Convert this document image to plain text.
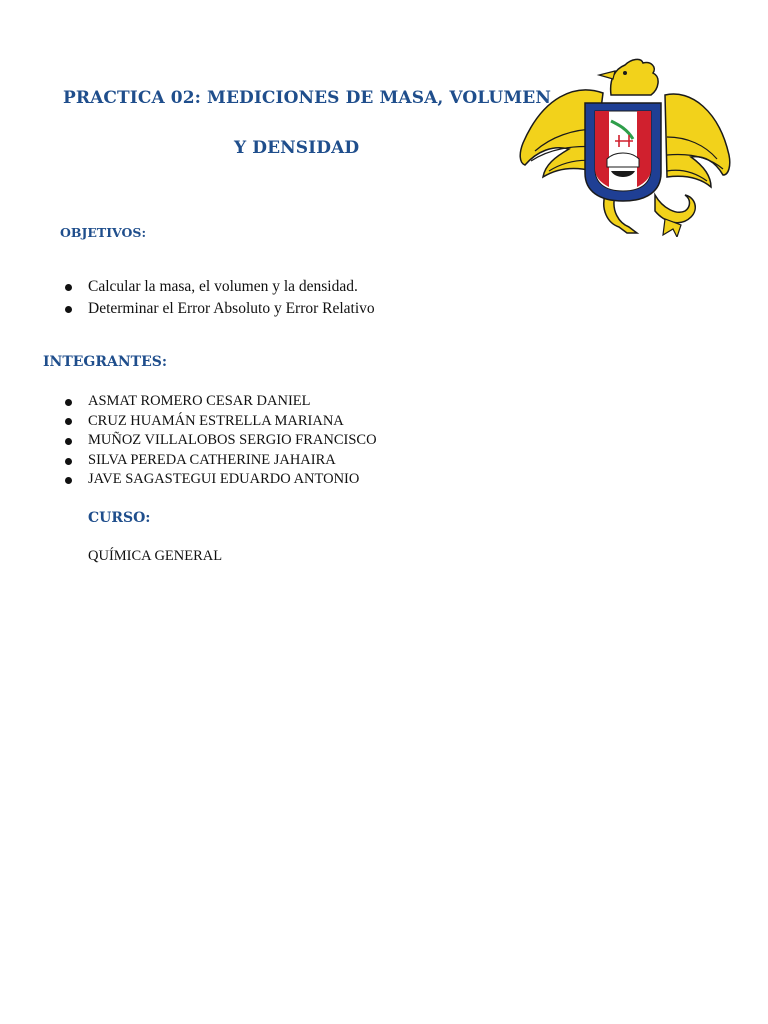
PRACTICA 02: MEDICIONES DE MASA, VOLUMEN
Y DENSIDAD
OBJETIVOS:
Calcular la masa, el volumen y la densidad.
Determinar el Error Absoluto y Error Relativo
INTEGRANTES:
ASMAT ROMERO CESAR DANIEL
CRUZ HUAMÁN ESTRELLA MARIANA
MUÑOZ VILLALOBOS SERGIO FRANCISCO
SILVA PEREDA CATHERINE JAHAIRA
JAVE SAGASTEGUI EDUARDO ANTONIO
CURSO:

QUÍMICA GENERAL
